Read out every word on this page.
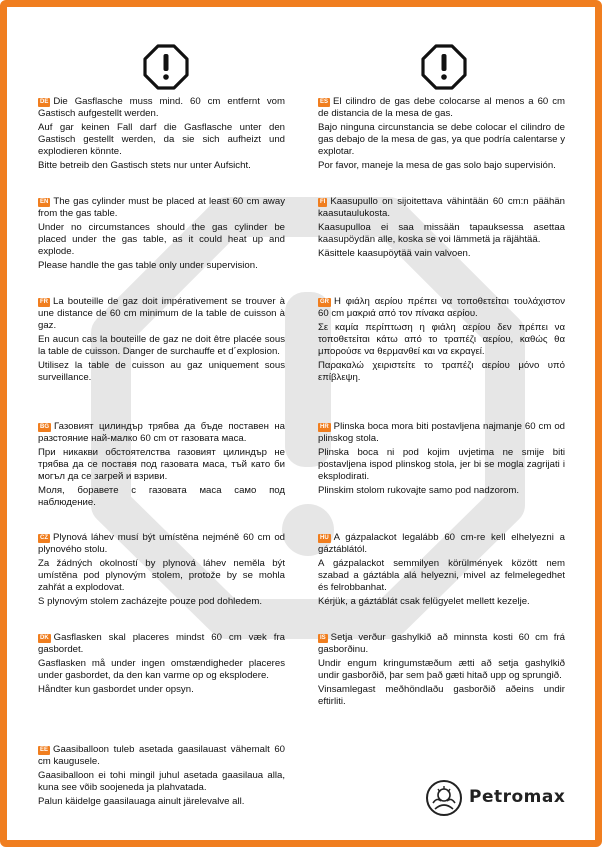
DE Die Gasflasche muss mind. 60 cm entfernt vom Gastisch aufgestellt werden.

Auf gar keinen Fall darf die Gasflasche unter den Gastisch gestellt werden, da sie sich aufheizt und explodieren könnte.

Bitte betreib den Gastisch stets nur unter Aufsicht.

EN The gas cylinder must be placed at least 60 cm away from the gas table.

Under no circumstances should the gas cylinder be placed under the gas table, as it could heat up and explode.

Please handle the gas table only under supervision.

FR La bouteille de gaz doit impérativement se trouver à une distance de 60 cm minimum de la table de cuisson à gaz.

En aucun cas la bouteille de gaz ne doit être placée sous la table de cuisson. Danger de surchauffe et d´explosion.

Utilisez la table de cuisson au gaz uniquement sous surveillance.

BG Газовият цилиндър трябва да бъде поставен на разстояние най-малко 60 cm от газовата маса.

При никакви обстоятелства газовият цилиндър не трябва да се поставя под газовата маса, тъй като би могъл да се загрей и взриви.

Моля, боравете с газовата маса само под наблюдение.

CZ Plynová láhev musí být umístěna nejméně 60 cm od plynového stolu.

Za žádných okolností by plynová láhev neměla být umístěna pod plynovým stolem, protože by se mohla zahřát a explodovat.

S plynovým stolem zacházejte pouze pod dohledem.

DK Gasflasken skal placeres mindst 60 cm væk fra gasbordet.

Gasflasken må under ingen omstændigheder placeres under gasbordet, da den kan varme op og eksplodere.

Håndter kun gasbordet under opsyn.

EE Gaasiballoon tuleb asetada gaasilauast vähemalt 60 cm kaugusele.

Gaasiballoon ei tohi mingil juhul asetada gaasilaua alla, kuna see võib soojeneda ja plahvatada.

Palun käidelge gaasilauaga ainult järelevalve all.

ES El cilindro de gas debe colocarse al menos a 60 cm de distancia de la mesa de gas.

Bajo ninguna circunstancia se debe colocar el cilindro de gas debajo de la mesa de gas, ya que podría calentarse y explotar.

Por favor, maneje la mesa de gas solo bajo supervisión.

FI Kaasupullo on sijoitettava vähintään 60 cm:n päähän kaasutaulukosta.

Kaasupulloa ei saa missään tapauksessa asettaa kaasupöydän alle, koska se voi lämmetä ja räjähtää.

Käsittele kaasupöytää vain valvoen.

GR Η φιάλη αερίου πρέπει να τοποθετείται τουλάχιστον 60 cm μακριά από τον πίνακα αερίου.

Σε καμία περίπτωση η φιάλη αερίου δεν πρέπει να τοποθετείται κάτω από το τραπέζι αερίου, καθώς θα μπορούσε να θερμανθεί και να εκραγεί.

Παρακαλώ χειριστείτε το τραπέζι αερίου μόνο υπό επίβλεψη.

HR Plinska boca mora biti postavljena najmanje 60 cm od plinskog stola.

Plinska boca ni pod kojim uvjetima ne smije biti postavljena ispod plinskog stola, jer bi se mogla zagrijati i eksplodirati.

Plinskim stolom rukovajte samo pod nadzorom.

HU A gázpalackot legalább 60 cm-re kell elhelyezni a gáztáblától.

A gázpalackot semmilyen körülmények között nem szabad a gáztábla alá helyezni, mivel az felmelegedhet és felrobbanhat.

Kérjük, a gáztáblát csak felügyelet mellett kezelje.

IS Setja verður gashylkið að minnsta kosti 60 cm frá gasborðinu.

Undir engum kringumstæðum ætti að setja gashylkið undir gasborðið, þar sem það gæti hitað upp og sprungið.

Vinsamlegast meðhöndlaðu gasborðið aðeins undir eftirliti.

Petromax
